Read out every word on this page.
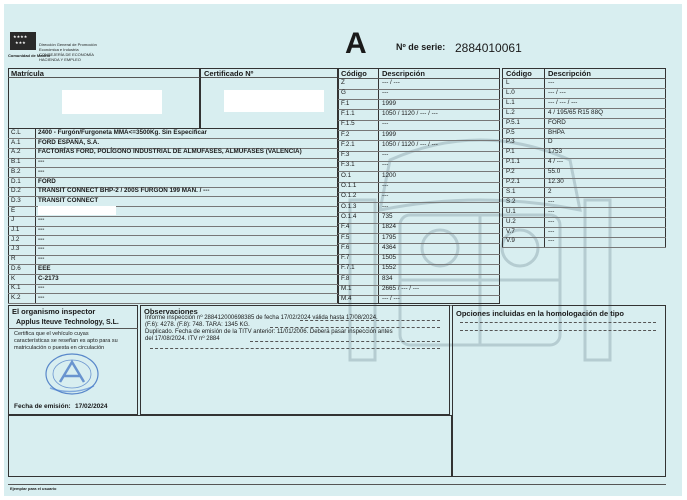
★★★★
★★★
Comunidad de Madrid
Dirección General de Promoción
Económica e Industria
CONSEJERÍA DE ECONOMÍA
HACIENDA Y EMPLEO	A	Nº de serie: 2884010061
Matrícula	Certificado Nº
C.L	2400 - Furgón/Furgoneta MMA<=3500Kg. Sin Especificar
A.1	FORD ESPAÑA, S.A.
A.2	FACTORÍAS FORD, POLÍGONO INDUSTRIAL DE ALMUFASES, ALMUFASES (VALENCIA)
B.1	---
B.2	---
D.1	FORD
D.2	TRANSIT CONNECT BHP-2 / 200S FURGON 199 MAN. / ---
D.3	TRANSIT CONNECT
E
J	---
J.1	---
J.2	---
J.3	---
R	---
D.6	EEE
K	C-2173
K.1	---
K.2	---
Código Descripción
Z	--- / ---
G	---
F.1	1999
F.1.1	1050 / 1120 / --- / ---
F.1.5	---
F.2	1999
F.2.1	1050 / 1120 / --- / ---
F.3	---
F.3.1	---
O.1	1200
O.1.1	---
O.1.2	---
O.1.3	---
O.1.4	735
F.4	1824
F.5	1795
F.6	4364
F.7	1505
F.7.1	1552
F.8	834
M.1	2665 / --- / ---
M.4	--- / ---
Código Descripción
L	---
L.0	--- / ---
L.1	--- / --- / ---
L.2	4 / 195/65 R15 88Q
P.5.1	FORD
P.5	BHPA
P.3	D
P.1	1753
P.1.1	4 / ---
P.2	55.0
P.2.1	12.30
S.1	2
S.2	---
U.1	---
U.2	---
V.7	---
V.9	---
El organismo inspector
Applus Iteuve Technology, S.L.
Certifica que el vehículo cuyas
características se reseñan es apto para su
matriculación o puesta en circulación
Fecha de emisión: 17/02/2024
Observaciones
Informe inspección nº 288412000698385 de fecha 17/02/2024 válida hasta 17/08/2024.
(F.6): 4278. (F.8): 748. TARA: 1345 KG.
Duplicado. Fecha de emisión de la TITV anterior: 11/01/2006. Deberá pasar inspección antes
del 17/08/2024. ITV nº 2884
Opciones incluidas en la homologación de tipo
Ejemplar para el usuario
